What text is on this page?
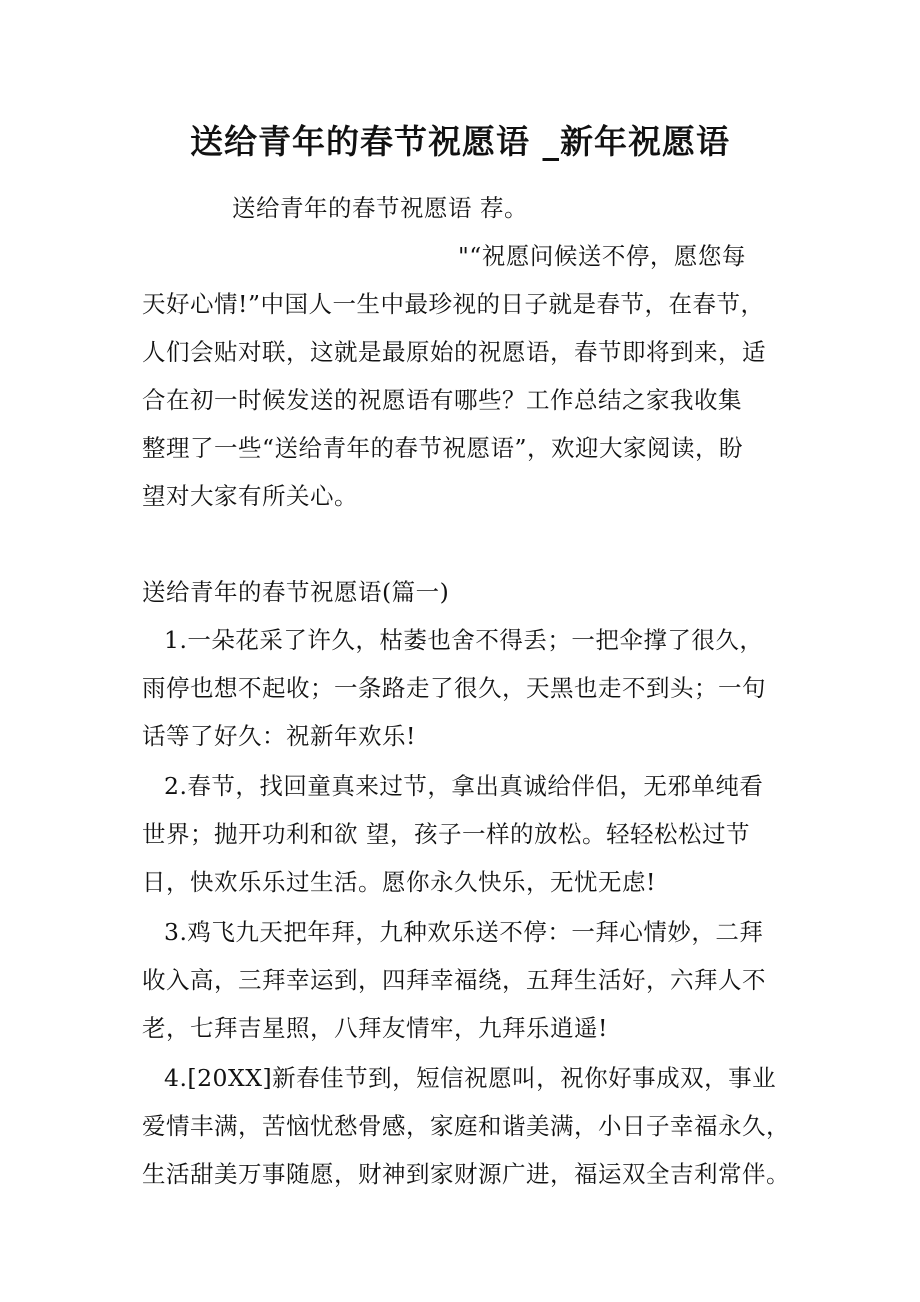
送给青年的春节祝愿语 _新年祝愿语
送给青年的春节祝愿语 荐。
"“祝愿问候送不停，愿您每
天好心情!”中国人一生中最珍视的日子就是春节，在春节，
人们会贴对联，这就是最原始的祝愿语，春节即将到来，适
合在初一时候发送的祝愿语有哪些？工作总结之家我收集
整理了一些“送给青年的春节祝愿语”，欢迎大家阅读，盼
望对大家有所关心。
送给青年的春节祝愿语(篇一)
1.一朵花采了许久，枯萎也舍不得丢；一把伞撑了很久，
雨停也想不起收；一条路走了很久，天黑也走不到头；一句
话等了好久：祝新年欢乐!
2.春节，找回童真来过节，拿出真诚给伴侣，无邪单纯看
世界；抛开功利和欲 望，孩子一样的放松。轻轻松松过节
日，快欢乐乐过生活。愿你永久快乐，无忧无虑!
3.鸡飞九天把年拜，九种欢乐送不停：一拜心情妙，二拜
收入高，三拜幸运到，四拜幸福绕，五拜生活好，六拜人不
老，七拜吉星照，八拜友情牢，九拜乐逍遥!
4.[20XX]新春佳节到，短信祝愿叫，祝你好事成双，事业
爱情丰满，苦恼忧愁骨感，家庭和谐美满，小日子幸福永久，
生活甜美万事随愿，财神到家财源广进，福运双全吉利常伴。
